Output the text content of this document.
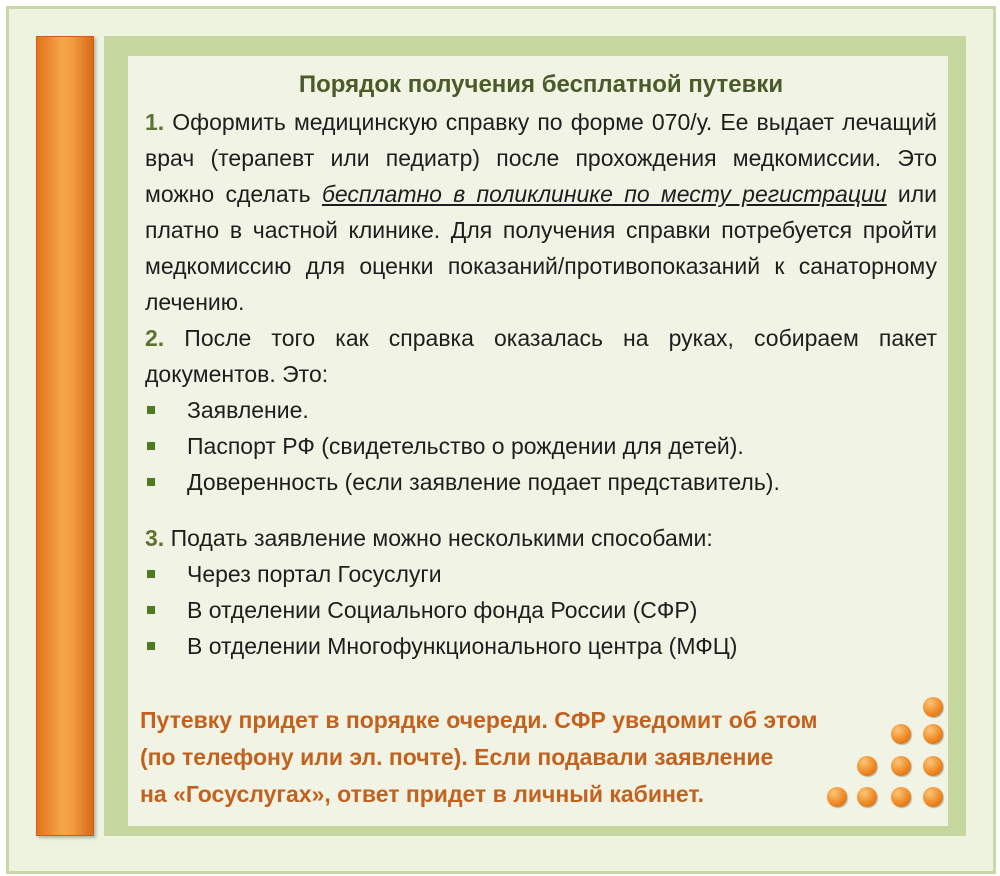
Порядок получения бесплатной путевки

1. Оформить медицинскую справку по форме 070/у. Ее выдает лечащий врач (терапевт или педиатр) после прохождения медкомиссии. Это можно сделать бесплатно в поликлинике по месту регистрации или платно в частной клинике. Для получения справки потребуется пройти медкомиссию для оценки показаний/противопоказаний к санаторному лечению.

2. После того как справка оказалась на руках, собираем пакет документов. Это:

Заявление.
Паспорт РФ (свидетельство о рождении для детей).
Доверенность (если заявление подает представитель).

3. Подать заявление можно несколькими способами:

Через портал Госуслуги
В отделении Социального фонда России (СФР)
В отделении Многофункционального центра (МФЦ)

Путевку придет в порядке очереди. СФР уведомит об этом
(по телефону или эл. почте). Если подавали заявление
на «Госуслугах», ответ придет в личный кабинет.
